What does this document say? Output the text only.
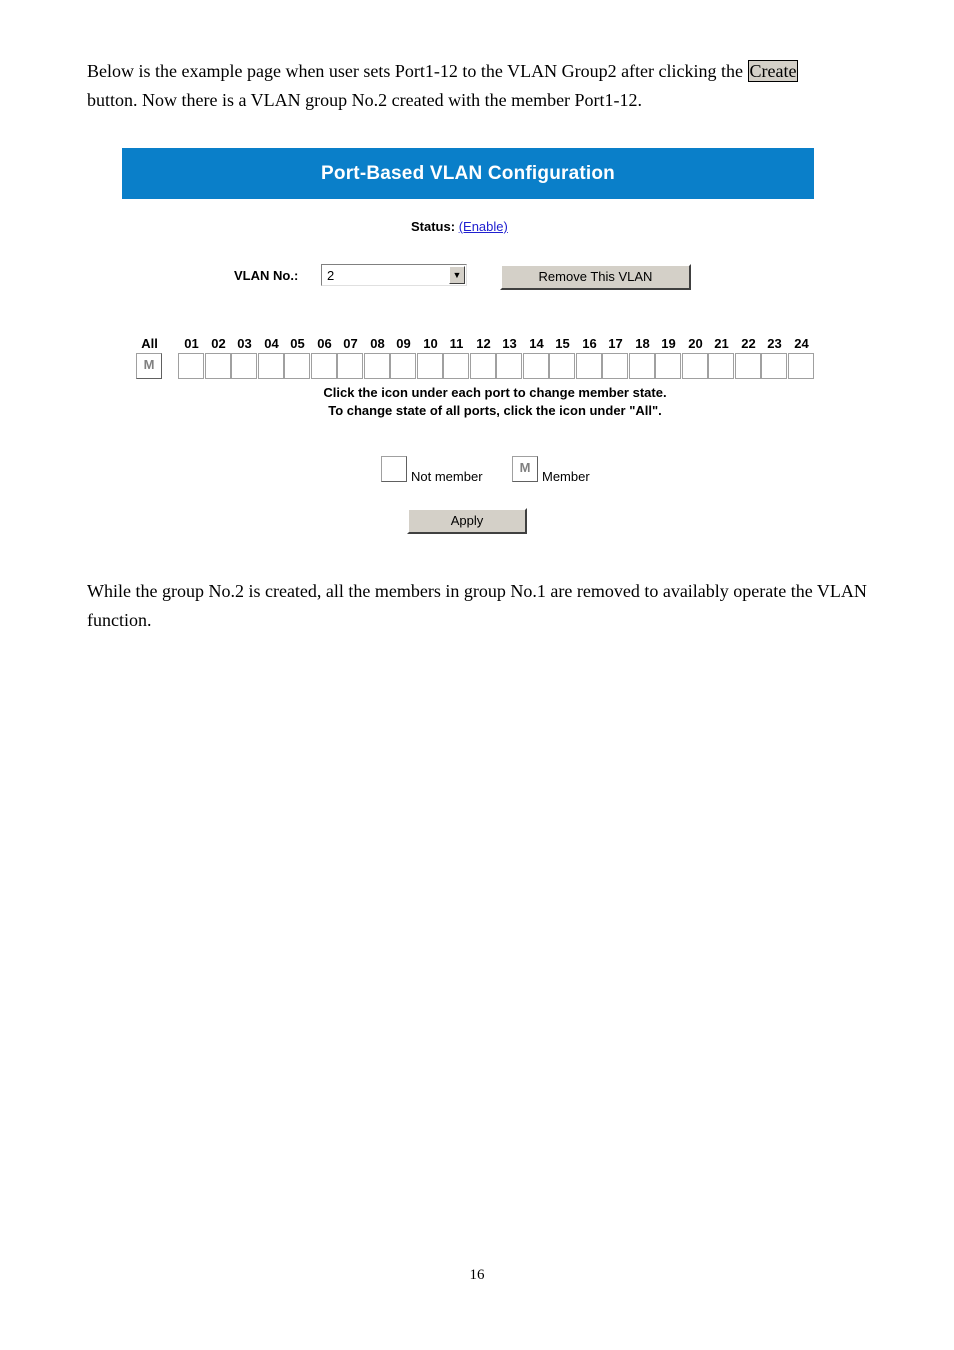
Below is the example page when user sets Port1-12 to the VLAN Group2 after clicking the Create
button. Now there is a VLAN group No.2 created with the member Port1-12.
Port-Based VLAN Configuration
Status: (Enable)
VLAN No.: 2	▼	Remove This VLAN
All
M
01 02 03 04 05 06 07 08 09 10 11 12 13 14 15 16 17 18 19 20 21 22 23 24
Click the icon under each port to change member state.
To change state of all ports, click the icon under "All".
Not member
M
Member
Apply
While the group No.2 is created, all the members in group No.1 are removed to availably operate the VLAN function.
16
